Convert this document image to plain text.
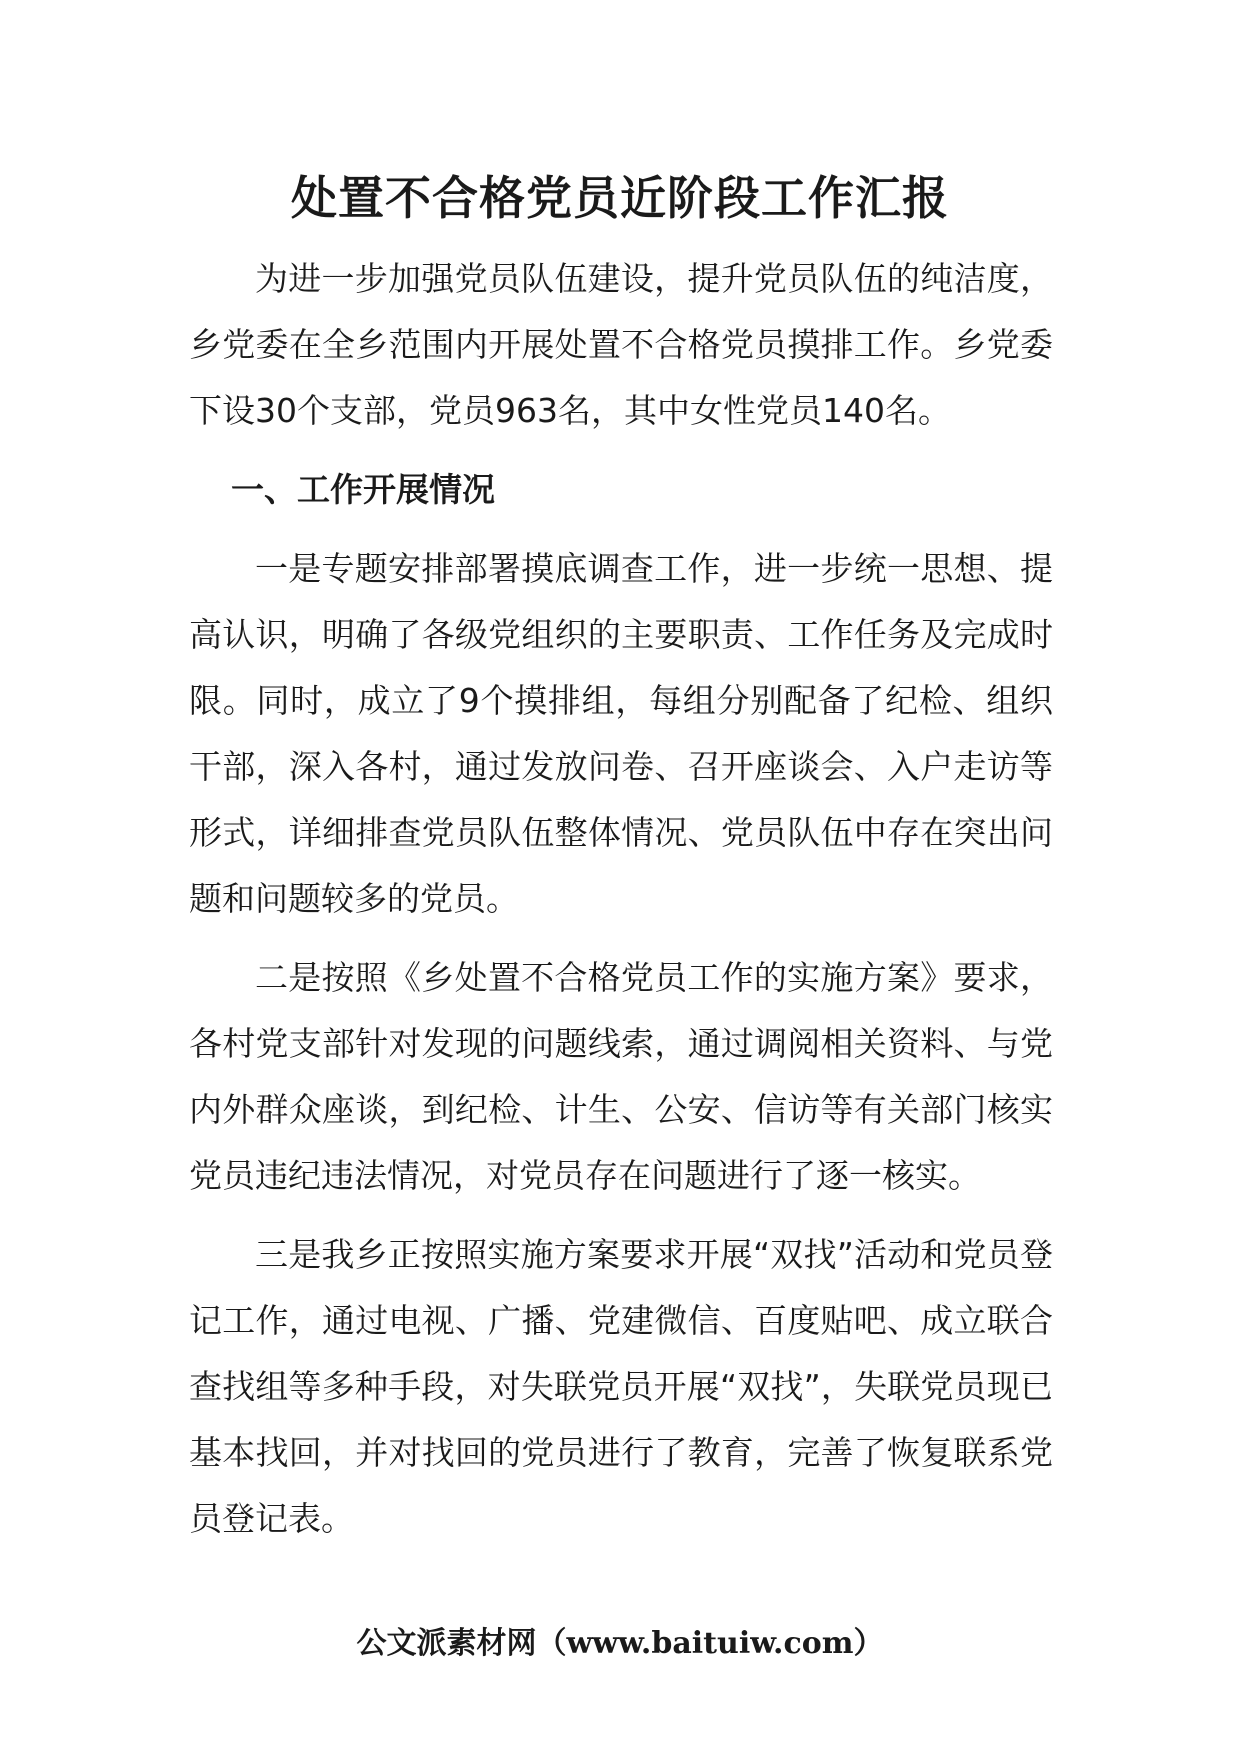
处置不合格党员近阶段工作汇报

为进一步加强党员队伍建设，提升党员队伍的纯洁度，乡党委在全乡范围内开展处置不合格党员摸排工作。乡党委下设30个支部，党员963名，其中女性党员140名。

一、工作开展情况

一是专题安排部署摸底调查工作，进一步统一思想、提高认识，明确了各级党组织的主要职责、工作任务及完成时限。同时，成立了9个摸排组，每组分别配备了纪检、组织干部，深入各村，通过发放问卷、召开座谈会、入户走访等形式，详细排查党员队伍整体情况、党员队伍中存在突出问题和问题较多的党员。

二是按照《乡处置不合格党员工作的实施方案》要求，各村党支部针对发现的问题线索，通过调阅相关资料、与党内外群众座谈，到纪检、计生、公安、信访等有关部门核实党员违纪违法情况，对党员存在问题进行了逐一核实。

三是我乡正按照实施方案要求开展“双找”活动和党员登记工作，通过电视、广播、党建微信、百度贴吧、成立联合查找组等多种手段，对失联党员开展“双找”，失联党员现已基本找回，并对找回的党员进行了教育，完善了恢复联系党员登记表。

公文派素材网（www.baituiw.com）
